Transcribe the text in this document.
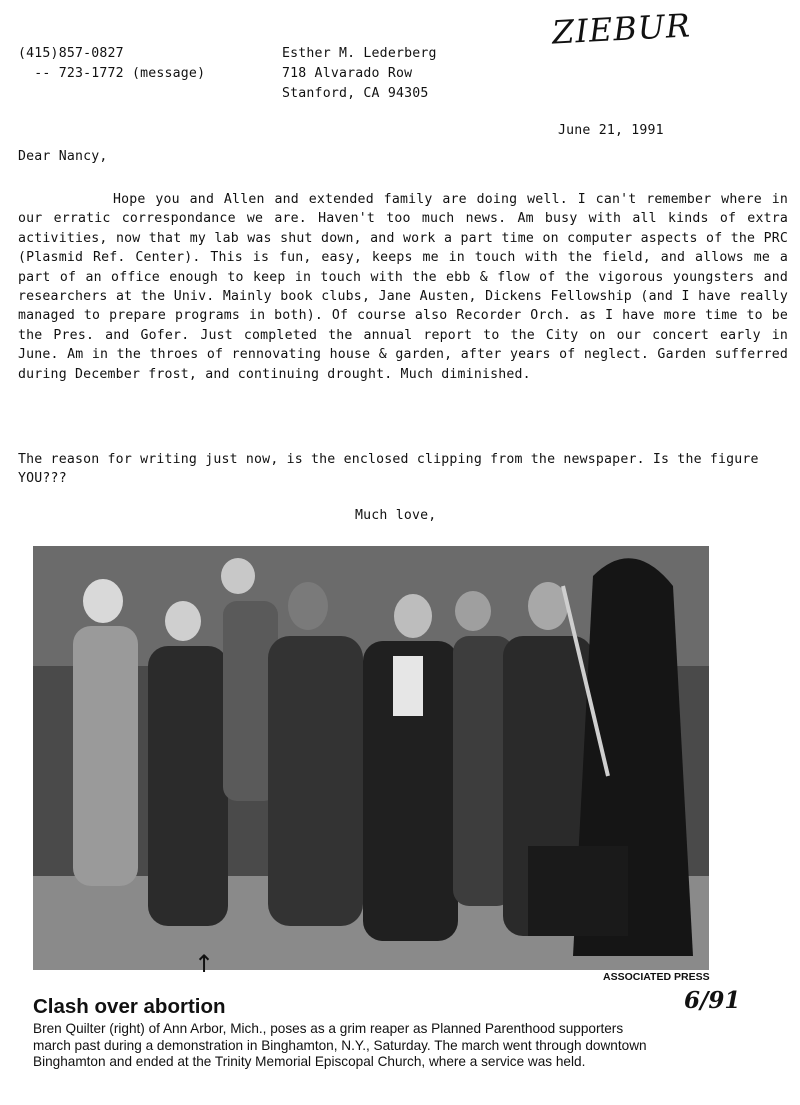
ZIEBUR
(415)857-0827
-- 723-1772 (message)
Esther M. Lederberg
718 Alvarado Row
Stanford, CA 94305
June 21, 1991
Dear Nancy,
Hope you and Allen and extended family are doing well. I can't remember where in our erratic correspondance we are. Haven't too much news. Am busy with all kinds of extra activities, now that my lab was shut down, and work a part time on computer aspects of the PRC (Plasmid Ref. Center). This is fun, easy, keeps me in touch with the field, and allows me a part of an office enough to keep in touch with the ebb & flow of the vigorous youngsters and researchers at the Univ. Mainly book clubs, Jane Austen, Dickens Fellowship (and I have really managed to prepare programs in both). Of course also Recorder Orch. as I have more time to be the Pres. and Gofer. Just completed the annual report to the City on our concert early in June. Am in the throes of rennovating house & garden, after years of neglect. Garden sufferred during December frost, and continuing drought. Much diminished.
The reason for writing just now, is the enclosed clipping from the newspaper. Is the figure YOU???
Much love,
ASSOCIATED PRESS
↑
Clash over abortion	6/91
Bren Quilter (right) of Ann Arbor, Mich., poses as a grim reaper as Planned Parenthood supporters march past during a demonstration in Binghamton, N.Y., Saturday. The march went through downtown Binghamton and ended at the Trinity Memorial Episcopal Church, where a service was held.
